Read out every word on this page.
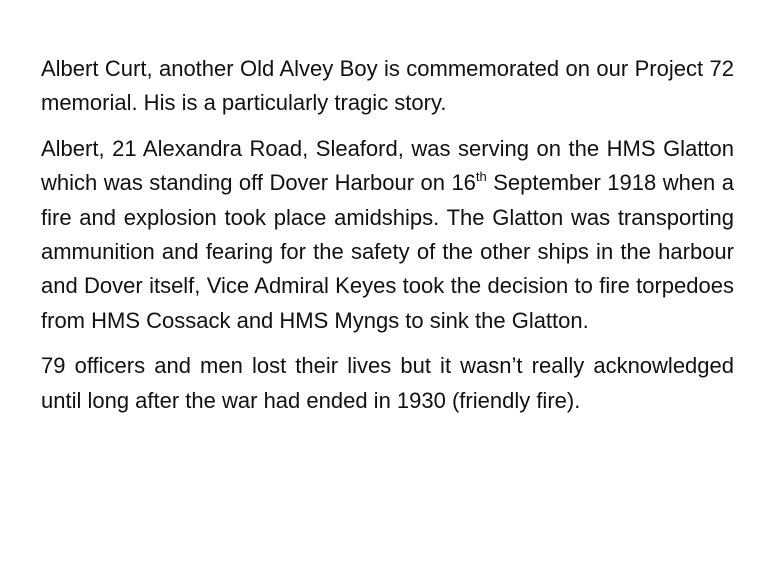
Albert Curt, another Old Alvey Boy is commemorated on our Project 72 memorial. His is a particularly tragic story.

Albert, 21 Alexandra Road, Sleaford, was serving on the HMS Glatton which was standing off Dover Harbour on 16th September 1918 when a fire and explosion took place amidships. The Glatton was transporting ammunition and fearing for the safety of the other ships in the harbour and Dover itself, Vice Admiral Keyes took the decision to fire torpedoes from HMS Cossack and HMS Myngs to sink the Glatton.

79 officers and men lost their lives but it wasn’t really acknowledged until long after the war had ended in 1930 (friendly fire).
